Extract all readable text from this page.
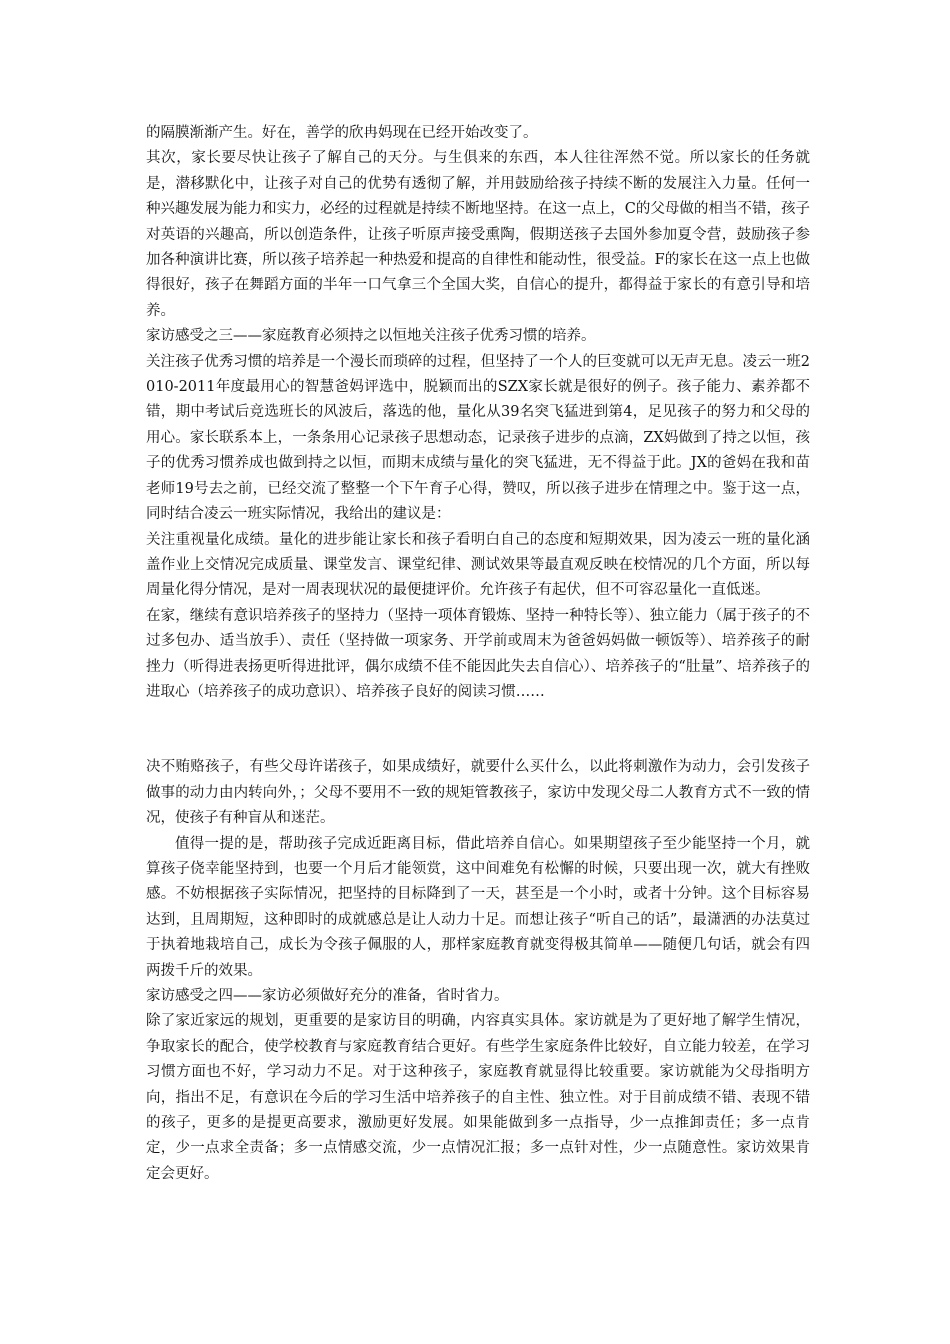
的隔膜渐渐产生。好在，善学的欣冉妈现在已经开始改变了。

其次，家长要尽快让孩子了解自己的天分。与生俱来的东西，本人往往浑然不觉。所以家长的任务就是，潜移默化中，让孩子对自己的优势有透彻了解，并用鼓励给孩子持续不断的发展注入力量。任何一种兴趣发展为能力和实力，必经的过程就是持续不断地坚持。在这一点上，C的父母做的相当不错，孩子对英语的兴趣高，所以创造条件，让孩子听原声接受熏陶，假期送孩子去国外参加夏令营，鼓励孩子参加各种演讲比赛，所以孩子培养起一种热爱和提高的自律性和能动性，很受益。F的家长在这一点上也做得很好，孩子在舞蹈方面的半年一口气拿三个全国大奖，自信心的提升，都得益于家长的有意引导和培养。

家访感受之三——家庭教育必须持之以恒地关注孩子优秀习惯的培养。

关注孩子优秀习惯的培养是一个漫长而琐碎的过程，但坚持了一个人的巨变就可以无声无息。凌云一班2010-2011年度最用心的智慧爸妈评选中，脱颖而出的SZX家长就是很好的例子。孩子能力、素养都不错，期中考试后竞选班长的风波后，落选的他，量化从39名突飞猛进到第4，足见孩子的努力和父母的用心。家长联系本上，一条条用心记录孩子思想动态，记录孩子进步的点滴，ZX妈做到了持之以恒，孩子的优秀习惯养成也做到持之以恒，而期末成绩与量化的突飞猛进，无不得益于此。JX的爸妈在我和苗老师19号去之前，已经交流了整整一个下午育子心得，赞叹，所以孩子进步在情理之中。鉴于这一点，同时结合凌云一班实际情况，我给出的建议是：

关注重视量化成绩。量化的进步能让家长和孩子看明白自己的态度和短期效果，因为凌云一班的量化涵盖作业上交情况完成质量、课堂发言、课堂纪律、测试效果等最直观反映在校情况的几个方面，所以每周量化得分情况，是对一周表现状况的最便捷评价。允许孩子有起伏，但不可容忍量化一直低迷。

在家，继续有意识培养孩子的坚持力（坚持一项体育锻炼、坚持一种特长等）、独立能力（属于孩子的不过多包办、适当放手）、责任（坚持做一项家务、开学前或周末为爸爸妈妈做一顿饭等）、培养孩子的耐挫力（听得进表扬更听得进批评，偶尔成绩不佳不能因此失去自信心）、培养孩子的“肚量”、培养孩子的进取心（培养孩子的成功意识）、培养孩子良好的阅读习惯……

决不贿赂孩子，有些父母许诺孩子，如果成绩好，就要什么买什么，以此将刺激作为动力，会引发孩子做事的动力由内转向外，；父母不要用不一致的规矩管教孩子，家访中发现父母二人教育方式不一致的情况，使孩子有种盲从和迷茫。

值得一提的是，帮助孩子完成近距离目标，借此培养自信心。如果期望孩子至少能坚持一个月，就算孩子侥幸能坚持到，也要一个月后才能领赏，这中间难免有松懈的时候，只要出现一次，就大有挫败感。不妨根据孩子实际情况，把坚持的目标降到了一天，甚至是一个小时，或者十分钟。这个目标容易达到，且周期短，这种即时的成就感总是让人动力十足。而想让孩子“听自己的话”，最潇洒的办法莫过于执着地栽培自己，成长为令孩子佩服的人，那样家庭教育就变得极其简单——随便几句话，就会有四两拨千斤的效果。

家访感受之四——家访必须做好充分的准备，省时省力。

除了家近家远的规划，更重要的是家访目的明确，内容真实具体。家访就是为了更好地了解学生情况，争取家长的配合，使学校教育与家庭教育结合更好。有些学生家庭条件比较好，自立能力较差，在学习习惯方面也不好，学习动力不足。对于这种孩子，家庭教育就显得比较重要。家访就能为父母指明方向，指出不足，有意识在今后的学习生活中培养孩子的自主性、独立性。对于目前成绩不错、表现不错的孩子，更多的是提更高要求，激励更好发展。如果能做到多一点指导，少一点推卸责任；多一点肯定，少一点求全责备；多一点情感交流，少一点情况汇报；多一点针对性，少一点随意性。家访效果肯定会更好。
